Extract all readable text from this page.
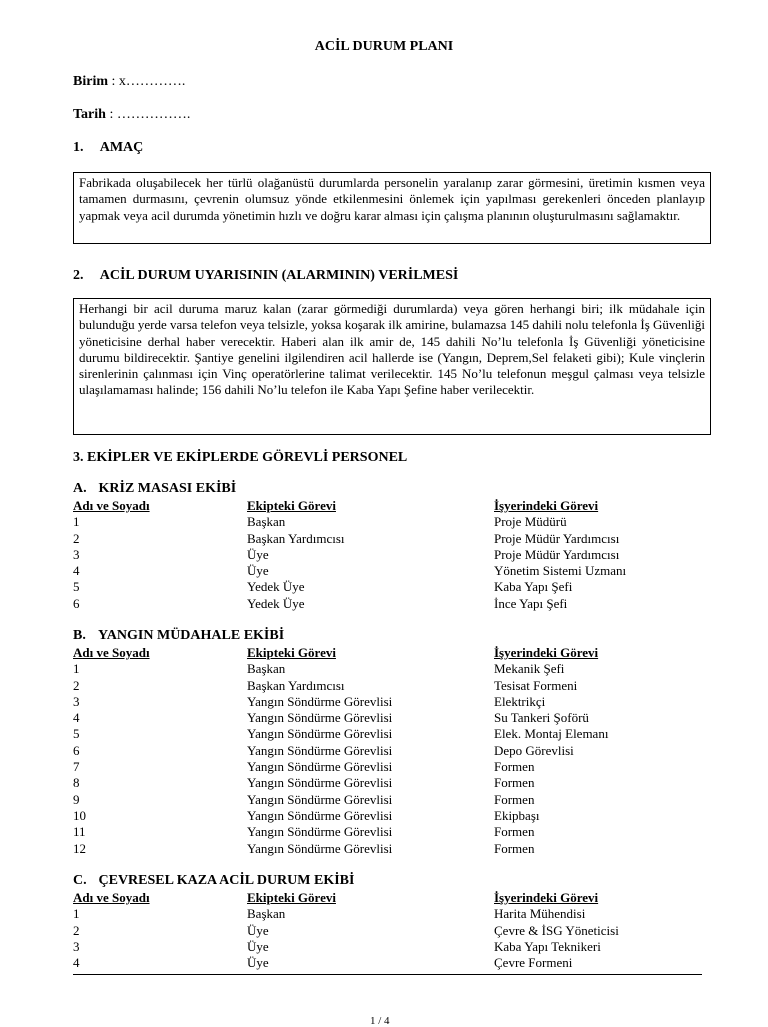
ACİL DURUM PLANI
Birim : x………….
Tarih : …………….
1. AMAÇ
Fabrikada oluşabilecek her türlü olağanüstü durumlarda personelin yaralanıp zarar görmesini, üretimin kısmen veya tamamen durmasını, çevrenin olumsuz yönde etkilenmesini önlemek için yapılması gerekenleri önceden planlayıp yapmak veya acil durumda yönetimin hızlı ve doğru karar alması için çalışma planının oluşturulmasını sağlamaktır.
2. ACİL DURUM UYARISININ (ALARMININ) VERİLMESİ
Herhangi bir acil duruma maruz kalan (zarar görmediği durumlarda) veya gören herhangi biri; ilk müdahale için bulunduğu yerde varsa telefon veya telsizle, yoksa koşarak ilk amirine, bulamazsa 145 dahili nolu telefonla İş Güvenliği yöneticisine derhal haber verecektir. Haberi alan ilk amir de, 145 dahili No’lu telefonla İş Güvenliği yöneticisine durumu bildirecektir. Şantiye genelini ilgilendiren acil hallerde ise (Yangın, Deprem,Sel felaketi gibi); Kule vinçlerin sirenlerinin çalınması için Vinç operatörlerine talimat verilecektir. 145 No’lu telefonun meşgul çalması veya telsizle ulaşılamaması halinde; 156 dahili No’lu telefon ile Kaba Yapı Şefine haber verilecektir.
3. EKİPLER VE EKİPLERDE GÖREVLİ PERSONEL
A. KRİZ MASASI EKİBİ
Adı ve Soyadı	Ekipteki Görevi	İşyerindeki Görevi
1	Başkan	Proje Müdürü
2	Başkan Yardımcısı	Proje Müdür Yardımcısı
3	Üye	Proje Müdür Yardımcısı
4	Üye	Yönetim Sistemi Uzmanı
5	Yedek Üye	Kaba Yapı Şefi
6	Yedek Üye	İnce Yapı Şefi
B. YANGIN MÜDAHALE EKİBİ
Adı ve Soyadı	Ekipteki Görevi	İşyerindeki Görevi
1	Başkan	Mekanik Şefi
2	Başkan Yardımcısı	Tesisat Formeni
3	Yangın Söndürme Görevlisi	Elektrikçi
4	Yangın Söndürme Görevlisi	Su Tankeri Şoförü
5	Yangın Söndürme Görevlisi	Elek. Montaj Elemanı
6	Yangın Söndürme Görevlisi	Depo Görevlisi
7	Yangın Söndürme Görevlisi	Formen
8	Yangın Söndürme Görevlisi	Formen
9	Yangın Söndürme Görevlisi	Formen
10	Yangın Söndürme Görevlisi	Ekipbaşı
11	Yangın Söndürme Görevlisi	Formen
12	Yangın Söndürme Görevlisi	Formen
C. ÇEVRESEL KAZA ACİL DURUM EKİBİ
Adı ve Soyadı	Ekipteki Görevi	İşyerindeki Görevi
1	Başkan	Harita Mühendisi
2	Üye	Çevre & İSG Yöneticisi
3	Üye	Kaba Yapı Teknikeri
4	Üye	Çevre Formeni
1 / 4
